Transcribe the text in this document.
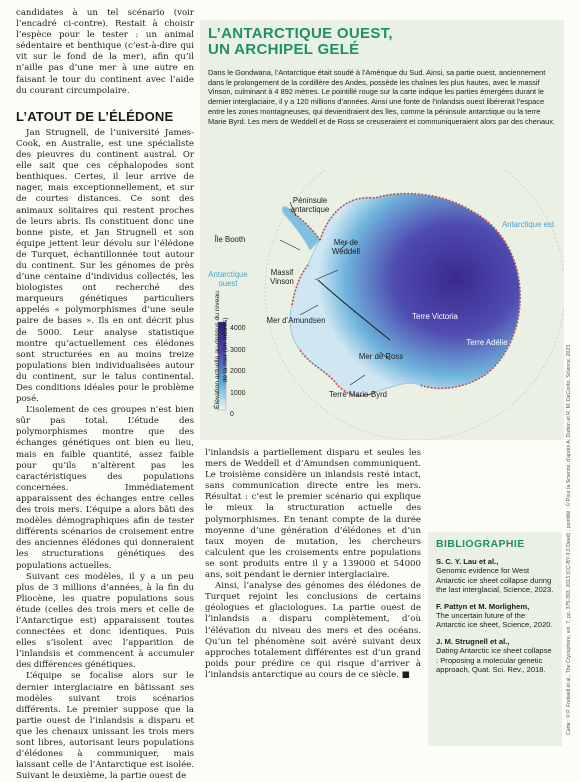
candidates à un tel scénario (voir l’encadré ci-contre). Restait à choisir l’espèce pour le tester : un animal sédentaire et benthique (c’est-à-dire qui vit sur le fond de la mer), afin qu’il n’aille pas d’une mer à une autre en faisant le tour du continent avec l’aide du courant circumpolaire.

L’ATOUT DE L’ÉLÉDONE

Jan Strugnell, de l’université James-Cook, en Australie, est une spécialiste des pieuvres du continent austral. Or elle sait que ces céphalopodes sont benthiques. Certes, il leur arrive de nager, mais exceptionnellement, et sur de courtes distances. Ce sont des animaux solitaires qui restent proches de leurs abris. Ils constituent donc une bonne piste, et Jan Strugnell et son équipe jettent leur dévolu sur l’élédone de Turquet, échantillonnée tout autour du continent. Sur les génomes de près d’une centaine d’individus collectés, les biologistes ont recherché des marqueurs génétiques particuliers appelés « polymorphismes d’une seule paire de bases ». Ils en ont décrit plus de 5000. Leur analyse statistique montre qu’actuellement ces élédones sont structurées en au moins treize populations bien individualisées autour du continent, sur le talus continental. Des conditions idéales pour le problème posé.

L’isolement de ces groupes n’est bien sûr pas total. L’étude des polymorphismes montre que des échanges génétiques ont bien eu lieu, mais en faible quantité, assez faible pour qu’ils n’altèrent pas les caractéristiques des populations concernées. Immédiatement apparaissent des échanges entre celles des trois mers. L’équipe a alors bâti des modèles démographiques afin de tester différents scénarios de croisement entre des anciennes élédones qui donneraient les structurations génétiques des populations actuelles.

Suivant ces modèles, il y a un peu plus de 3 millions d’années, à la fin du Pliocène, les quatre populations sous étude (celles des trois mers et celle de l’Antarctique est) apparaissent toutes connectées et donc identiques. Puis elles s’isolent avec l’apparition de l’inlandsis et commencent à accumuler des différences génétiques.

L’équipe se focalise alors sur le dernier interglaciaire en bâtissant ses modèles suivant trois scénarios différents. Le premier suppose que la partie ouest de l’inlandsis a disparu et que les chenaux unissant les trois mers sont libres, autorisant leurs populations d’élédones à communiquer, mais laissant celle de l’Antarctique est isolée. Suivant le deuxième, la partie ouest de

L’ANTARCTIQUE OUEST,
UN ARCHIPEL GELÉ
Dans le Gondwana, l’Antarctique était soudé à l’Amérique du Sud. Ainsi, sa partie ouest, anciennement dans le prolongement de la cordillère des Andes, possède les chaînes les plus hautes, avec le massif Vinson, culminant à 4 892 mètres. Le pointillé rouge sur la carte indique les parties émergées durant le dernier interglaciaire, il y a 120 millions d’années. Ainsi une fonte de l’inlandsis ouest libérerait l’espace entre les zones montagneuses, qui deviendraient des îles, comme la péninsule antarctique ou la terre Marie Byrd. Les mers de Weddell et de Ross se creuseraient et communiqueraient alors par des chenaux.
Péninsule antarctique
Antarctique est
Île Booth	Mer de Weddell
Antarctique ouest
Massif Vinson
Mer d’Amundsen	Terre Victoria
Terre Adélie
Mer de Ross
Terre Marie-Byrd
Élévation actuelle au-dessus du niveau de la mer (en mètres) 4000
3000
2000
1000
0

l’inlandsis a partiellement disparu et seules les mers de Weddell et d’Amundsen communiquent. Le troisième considère un inlandsis resté intact, sans communication directe entre les mers. Résultat : c’est le premier scénario qui explique le mieux la structuration actuelle des polymorphismes. En tenant compte de la durée moyenne d’une génération d’élédones et d’un taux moyen de mutation, les chercheurs calculent que les croisements entre populations se sont produits entre il y a 139000 et 54000 ans, soit pendant le dernier interglaciaire.

Ainsi, l’analyse des génomes des élédones de Turquet rejoint les conclusions de certains géologues et glaciologues. La partie ouest de l’inlandsis a disparu complètement, d’où l’élévation du niveau des mers et des océans. Qu’un tel phénomène soit avéré suivant deux approches totalement différentes est d’un grand poids pour prédire ce qui risque d’arriver à l’inlandsis antarctique au cours de ce siècle. ■

BIBLIOGRAPHIE
S. C. Y. Lau et al.,
Genomic evidence for West Antarctic ice sheet collapse during the last interglacial, Science, 2023.
F. Pattyn et M. Morlighem,
The uncertain future of the Antarctic ice sheet, Science, 2020.
J. M. Strugnell et al.,
Dating Antarctic ice sheet collapse : Proposing a molecular genetic approach, Quat. Sci. Rev., 2018.	Carte : © P. Fretwell et al., The Cryosphere, vol. 7, pp. 375-393, 2013 (CC-BY-3.0 Deed) ; pointillé : © Pour la Science, d’après A. Dutton et R. M. DeConto, Science, 2023
